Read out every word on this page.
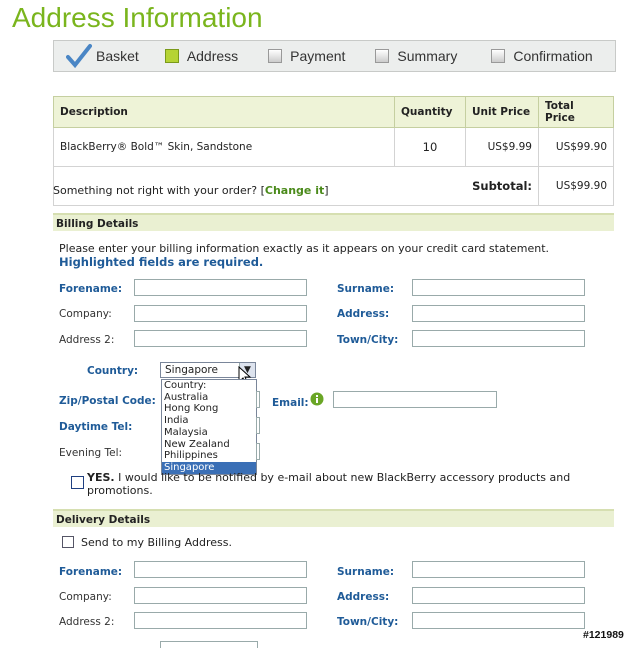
Address Information
Basket	Address	Payment	Summary	Confirmation
Description	Quantity	Unit Price	Total Price
BlackBerry® Bold™ Skin, Sandstone	10	US$9.99	US$99.90
Subtotal:			US$99.90
Something not right with your order? [Change it]
Billing Details
Please enter your billing information exactly as it appears on your credit card statement.
Highlighted fields are required.
Forename:	Surname:
Company:	Address:
Address 2:	Town/City:
Country:	Singapore	▼
Country:
Australia
Hong Kong
India
Malaysia
New Zealand
Philippines
Singapore
Zip/Postal Code:	Email:
Daytime Tel:
Evening Tel:
YES. I would like to be notified by e-mail about new BlackBerry accessory products and promotions.
Delivery Details
Send to my Billing Address.
Forename:	Surname:
Company:	Address:
Address 2:	Town/City:
#121989
